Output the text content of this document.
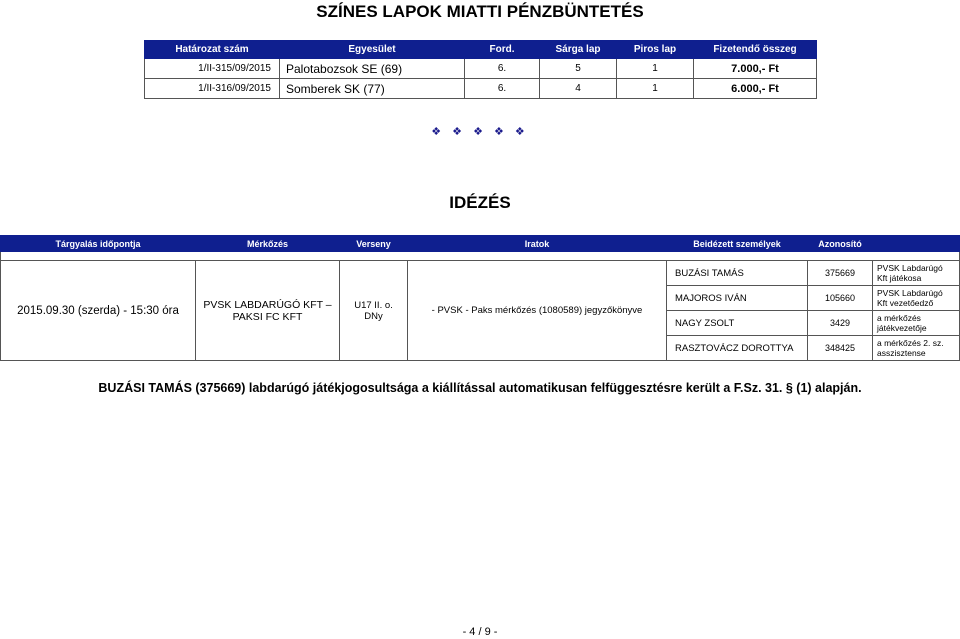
SZÍNES LAPOK MIATTI PÉNZBÜNTETÉS
Határozat szám	Egyesület	Ford.	Sárga lap	Piros lap	Fizetendő összeg
1/II-315/09/2015	Palotabozsok SE (69)	6.	5	1	7.000,- Ft
1/II-316/09/2015	Somberek SK (77)	6.	4	1	6.000,- Ft
❖ ❖ ❖ ❖ ❖
IDÉZÉS
Tárgyalás időpontja	Mérkőzés	Verseny	Iratok	Beidézett személyek	Azonosító	

2015.09.30 (szerda) - 15:30 óra	PVSK LABDARÚGÓ KFT – PAKSI FC KFT	U17 II. o. DNy	- PVSK - Paks mérkőzés (1080589) jegyzőkönyve	BUZÁSI TAMÁS	375669	PVSK Labdarúgó Kft játékosa
				MAJOROS IVÁN	105660	PVSK Labdarúgó Kft vezetőedző
				NAGY ZSOLT	3429	a mérkőzés játékvezetője
				RASZTOVÁCZ DOROTTYA	348425	a mérkőzés 2. sz. asszisztense
BUZÁSI TAMÁS (375669) labdarúgó játékjogosultsága a kiállítással automatikusan felfüggesztésre került a F.Sz. 31. § (1) alapján.
- 4 / 9 -
